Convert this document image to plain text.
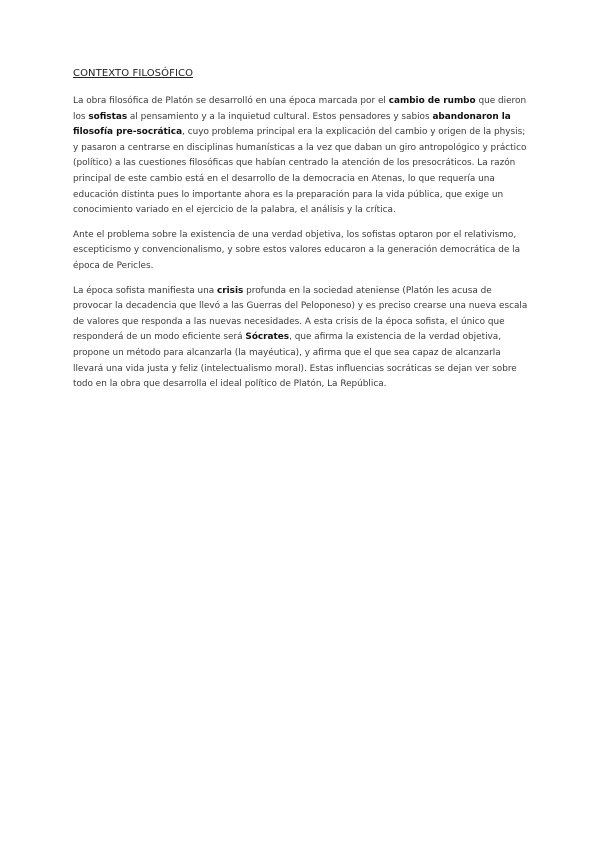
CONTEXTO FILOSÓFICO

La obra filosófica de Platón se desarrolló en una época marcada por el cambio de rumbo que dieron los sofistas al pensamiento y a la inquietud cultural. Estos pensadores y sabios abandonaron la filosofía pre-socrática, cuyo problema principal era la explicación del cambio y origen de la physis; y pasaron a centrarse en disciplinas humanísticas a la vez que daban un giro antropológico y práctico (político) a las cuestiones filosóficas que habían centrado la atención de los presocráticos. La razón principal de este cambio está en el desarrollo de la democracia en Atenas, lo que requería una educación distinta pues lo importante ahora es la preparación para la vida pública, que exige un conocimiento variado en el ejercicio de la palabra, el análisis y la crítica.

Ante el problema sobre la existencia de una verdad objetiva, los sofistas optaron por el relativismo, escepticismo y convencionalismo, y sobre estos valores educaron a la generación democrática de la época de Pericles.

La época sofista manifiesta una crisis profunda en la sociedad ateniense (Platón les acusa de provocar la decadencia que llevó a las Guerras del Peloponeso) y es preciso crearse una nueva escala de valores que responda a las nuevas necesidades. A esta crisis de la época sofista, el único que responderá de un modo eficiente será Sócrates, que afirma la existencia de la verdad objetiva, propone un método para alcanzarla (la mayéutica), y afirma que el que sea capaz de alcanzarla llevará una vida justa y feliz (intelectualismo moral). Estas influencias socráticas se dejan ver sobre todo en la obra que desarrolla el ideal político de Platón, La República.
